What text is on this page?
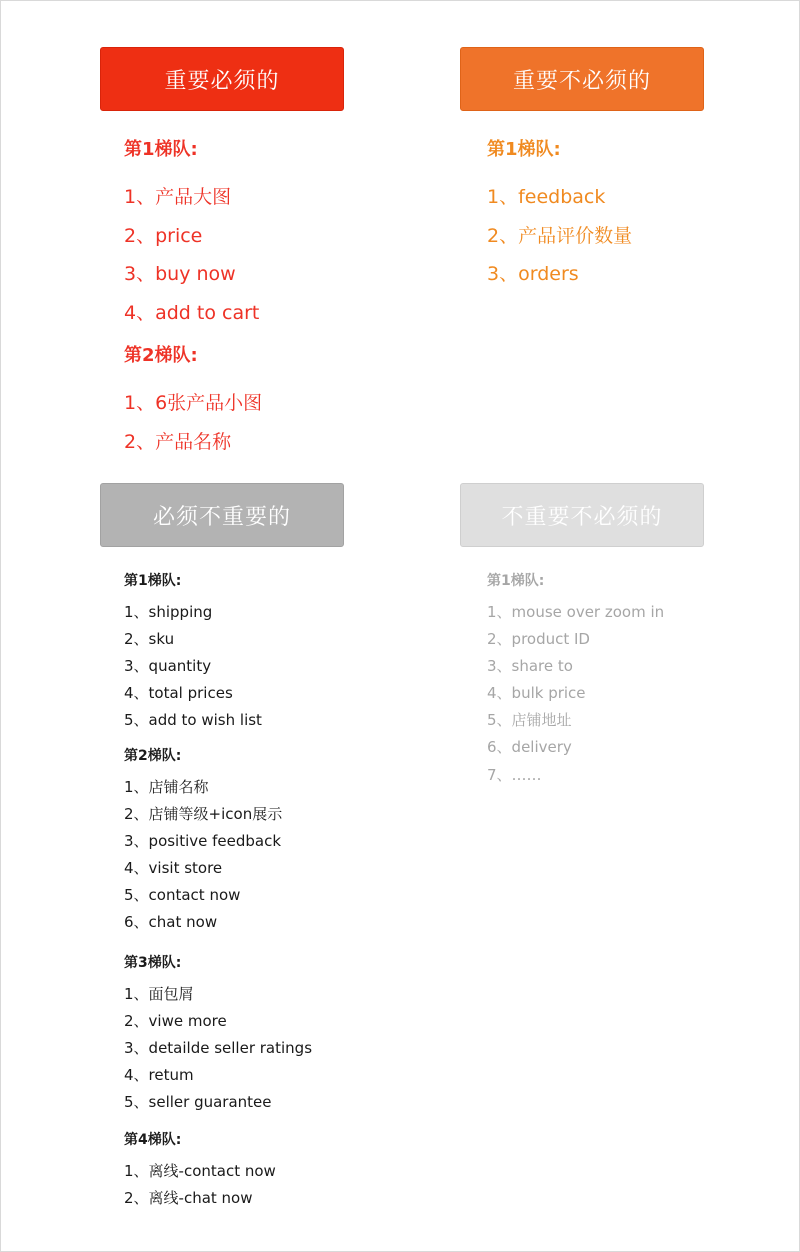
重要必须的	重要不必须的
必须不重要的	不重要不必须的
第1梯队:
1、产品大图
2、price
3、buy now
4、add to cart
第2梯队:
1、6张产品小图
2、产品名称
第1梯队:
1、feedback
2、产品评价数量
3、orders
第1梯队:
1、shipping
2、sku
3、quantity
4、total prices
5、add to wish list
第2梯队:
1、店铺名称
2、店铺等级+icon展示
3、positive feedback
4、visit store
5、contact now
6、chat now
第3梯队:
1、面包屑
2、viwe more
3、detailde seller ratings
4、retum
5、seller guarantee
第4梯队:
1、离线-contact now
2、离线-chat now
第1梯队:
1、mouse over zoom in
2、product ID
3、share to
4、bulk price
5、店铺地址
6、delivery
7、……
